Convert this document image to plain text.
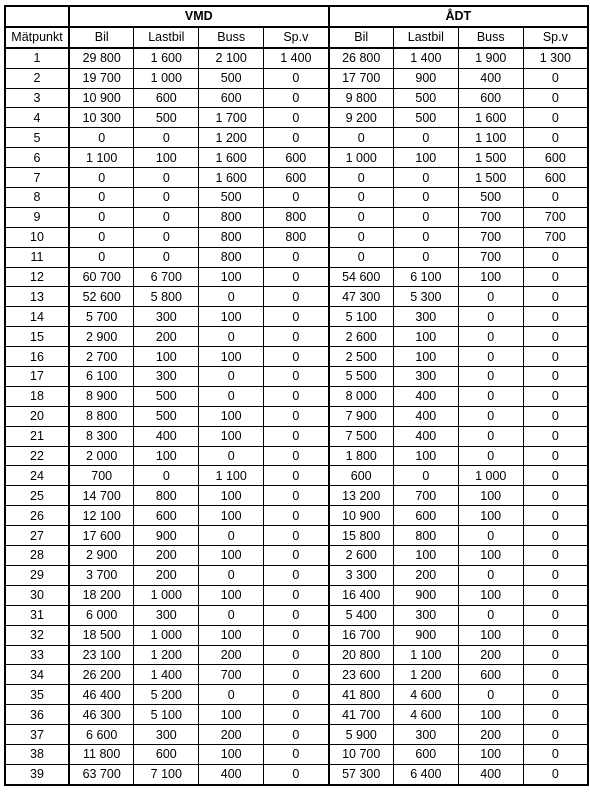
	VMD				ÅDT			
Mätpunkt	Bil	Lastbil	Buss	Sp.v	Bil	Lastbil	Buss	Sp.v
1	29 800	1 600	2 100	1 400	26 800	1 400	1 900	1 300
2	19 700	1 000	500	0	17 700	900	400	0
3	10 900	600	600	0	9 800	500	600	0
4	10 300	500	1 700	0	9 200	500	1 600	0
5	0	0	1 200	0	0	0	1 100	0
6	1 100	100	1 600	600	1 000	100	1 500	600
7	0	0	1 600	600	0	0	1 500	600
8	0	0	500	0	0	0	500	0
9	0	0	800	800	0	0	700	700
10	0	0	800	800	0	0	700	700
11	0	0	800	0	0	0	700	0
12	60 700	6 700	100	0	54 600	6 100	100	0
13	52 600	5 800	0	0	47 300	5 300	0	0
14	5 700	300	100	0	5 100	300	0	0
15	2 900	200	0	0	2 600	100	0	0
16	2 700	100	100	0	2 500	100	0	0
17	6 100	300	0	0	5 500	300	0	0
18	8 900	500	0	0	8 000	400	0	0
20	8 800	500	100	0	7 900	400	0	0
21	8 300	400	100	0	7 500	400	0	0
22	2 000	100	0	0	1 800	100	0	0
24	700	0	1 100	0	600	0	1 000	0
25	14 700	800	100	0	13 200	700	100	0
26	12 100	600	100	0	10 900	600	100	0
27	17 600	900	0	0	15 800	800	0	0
28	2 900	200	100	0	2 600	100	100	0
29	3 700	200	0	0	3 300	200	0	0
30	18 200	1 000	100	0	16 400	900	100	0
31	6 000	300	0	0	5 400	300	0	0
32	18 500	1 000	100	0	16 700	900	100	0
33	23 100	1 200	200	0	20 800	1 100	200	0
34	26 200	1 400	700	0	23 600	1 200	600	0
35	46 400	5 200	0	0	41 800	4 600	0	0
36	46 300	5 100	100	0	41 700	4 600	100	0
37	6 600	300	200	0	5 900	300	200	0
38	11 800	600	100	0	10 700	600	100	0
39	63 700	7 100	400	0	57 300	6 400	400	0
